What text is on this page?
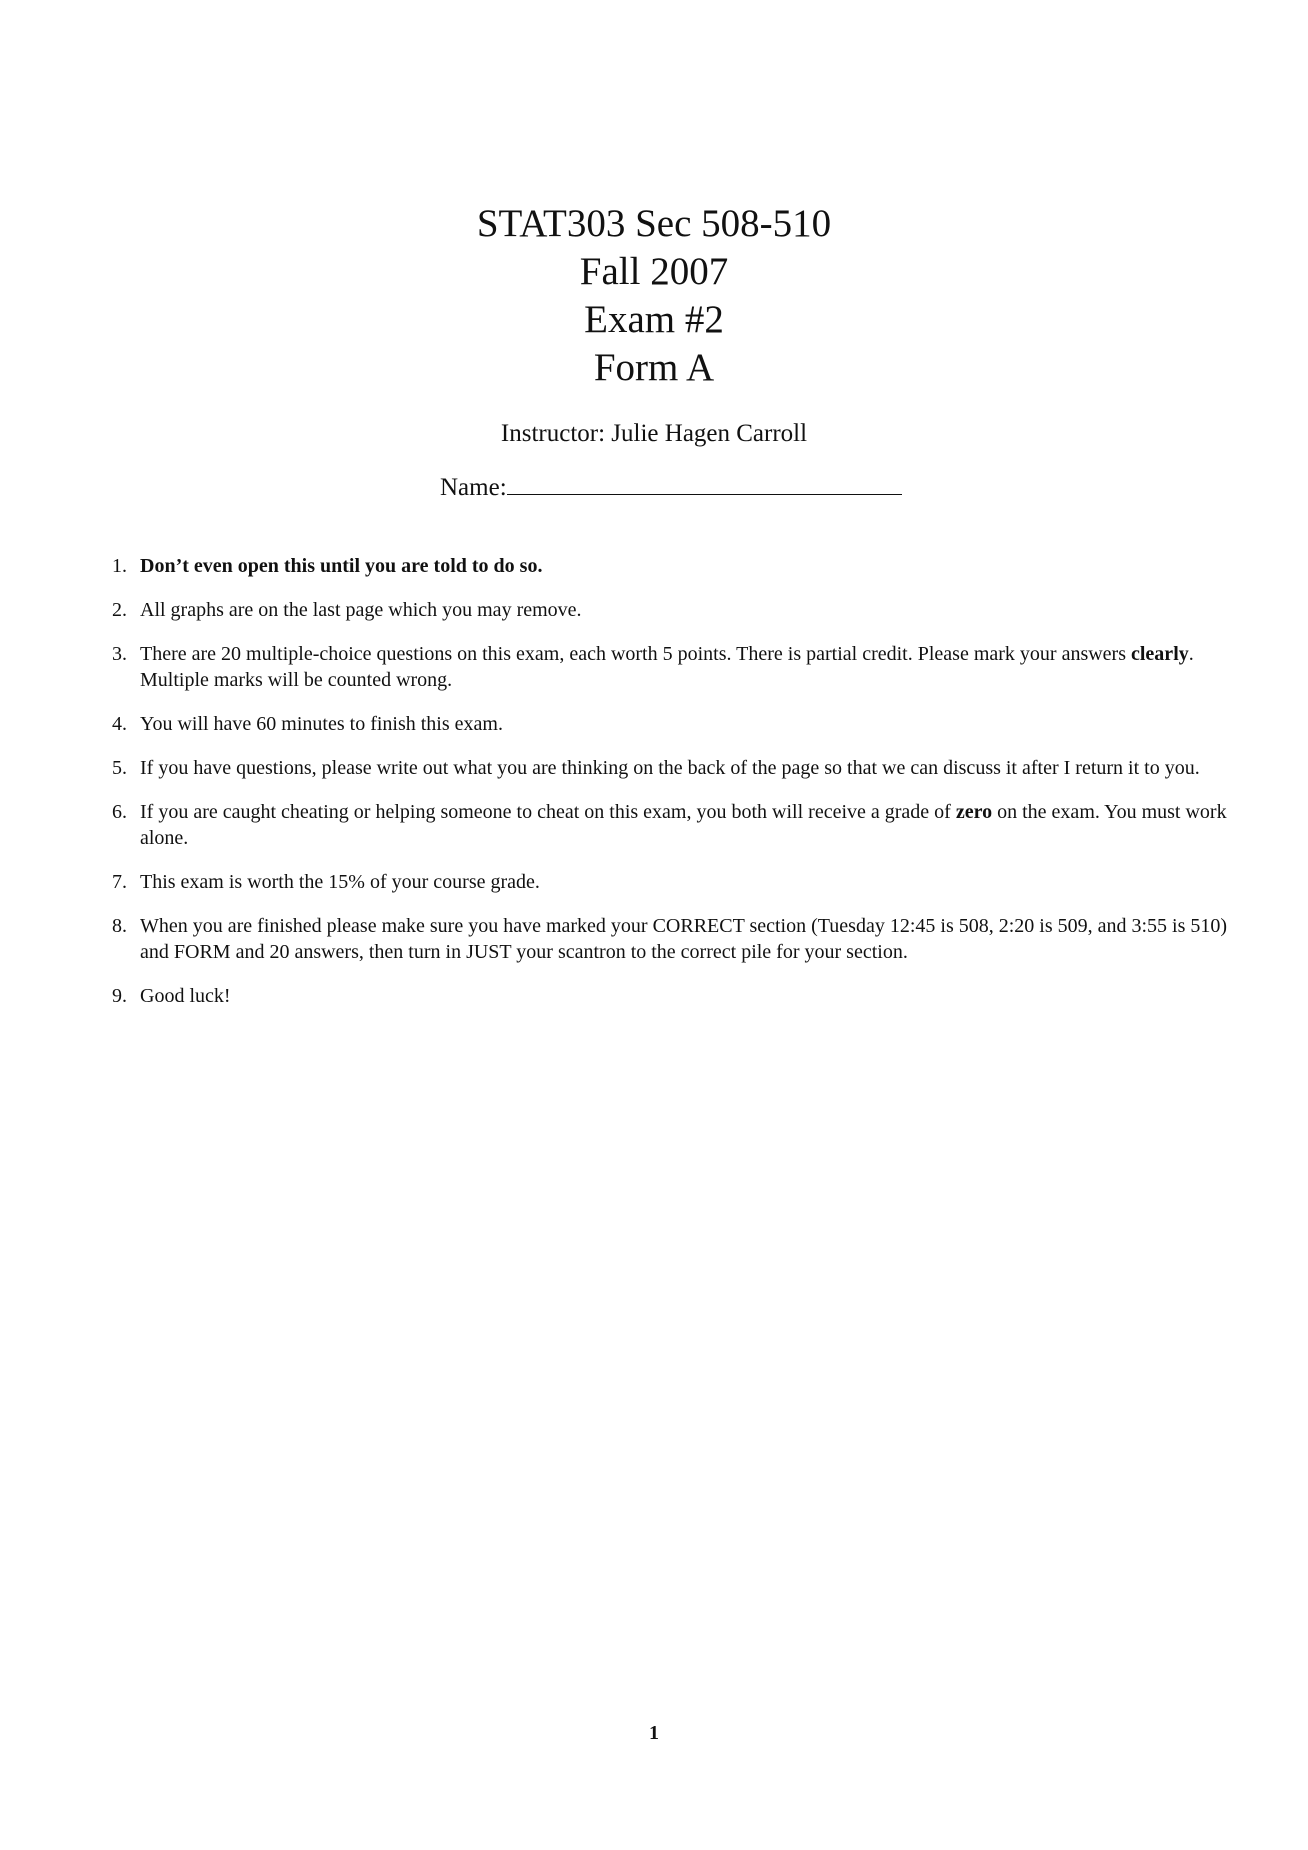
STAT303 Sec 508-510
Fall 2007
Exam #2
Form A
Instructor: Julie Hagen Carroll
Name:
1. Don’t even open this until you are told to do so.
2. All graphs are on the last page which you may remove.
3. There are 20 multiple-choice questions on this exam, each worth 5 points. There is partial credit. Please mark your answers clearly. Multiple marks will be counted wrong.
4. You will have 60 minutes to finish this exam.
5. If you have questions, please write out what you are thinking on the back of the page so that we can discuss it after I return it to you.
6. If you are caught cheating or helping someone to cheat on this exam, you both will receive a grade of zero on the exam. You must work alone.
7. This exam is worth the 15% of your course grade.
8. When you are finished please make sure you have marked your CORRECT section (Tuesday 12:45 is 508, 2:20 is 509, and 3:55 is 510) and FORM and 20 answers, then turn in JUST your scantron to the correct pile for your section.
9. Good luck!
1
